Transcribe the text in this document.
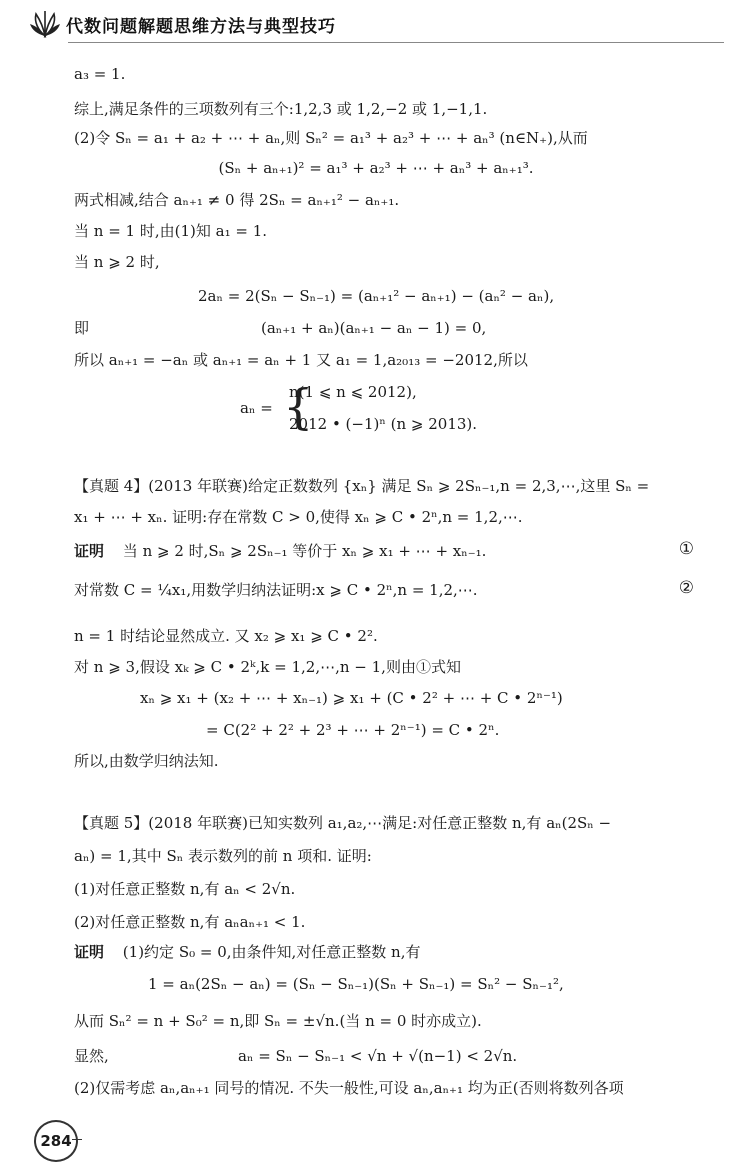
代数问题解题思维方法与典型技巧
a₃ = 1.
综上,满足条件的三项数列有三个:1,2,3 或 1,2,−2 或 1,−1,1.
(2)令 Sₙ = a₁ + a₂ + ⋯ + aₙ,则 Sₙ² = a₁³ + a₂³ + ⋯ + aₙ³ (n∈N₊),从而
(Sₙ + aₙ₊₁)² = a₁³ + a₂³ + ⋯ + aₙ³ + aₙ₊₁³.
两式相减,结合 aₙ₊₁ ≠ 0 得 2Sₙ = aₙ₊₁² − aₙ₊₁.
当 n = 1 时,由(1)知 a₁ = 1.
当 n ⩾ 2 时,
2aₙ = 2(Sₙ − Sₙ₋₁) = (aₙ₊₁² − aₙ₊₁) − (aₙ² − aₙ),
即	(aₙ₊₁ + aₙ)(aₙ₊₁ − aₙ − 1) = 0,
所以 aₙ₊₁ = −aₙ 或 aₙ₊₁ = aₙ + 1 又 a₁ = 1,a₂₀₁₃ = −2012,所以
aₙ = {
n(1 ⩽ n ⩽ 2012),
2012 • (−1)ⁿ (n ⩾ 2013).
【真题 4】(2013 年联赛)给定正数数列 {xₙ} 满足 Sₙ ⩾ 2Sₙ₋₁,n = 2,3,⋯,这里 Sₙ =
x₁ + ⋯ + xₙ. 证明:存在常数 C > 0,使得 xₙ ⩾ C • 2ⁿ,n = 1,2,⋯.
证明 当 n ⩾ 2 时,Sₙ ⩾ 2Sₙ₋₁ 等价于 xₙ ⩾ x₁ + ⋯ + xₙ₋₁.	①
对常数 C = ¼x₁,用数学归纳法证明:x ⩾ C • 2ⁿ,n = 1,2,⋯.	②
n = 1 时结论显然成立. 又 x₂ ⩾ x₁ ⩾ C • 2².
对 n ⩾ 3,假设 xₖ ⩾ C • 2ᵏ,k = 1,2,⋯,n − 1,则由①式知
xₙ ⩾ x₁ + (x₂ + ⋯ + xₙ₋₁) ⩾ x₁ + (C • 2² + ⋯ + C • 2ⁿ⁻¹)
= C(2² + 2² + 2³ + ⋯ + 2ⁿ⁻¹) = C • 2ⁿ.
所以,由数学归纳法知.
【真题 5】(2018 年联赛)已知实数列 a₁,a₂,⋯满足:对任意正整数 n,有 aₙ(2Sₙ −
aₙ) = 1,其中 Sₙ 表示数列的前 n 项和. 证明:
(1)对任意正整数 n,有 aₙ < 2√n.
(2)对任意正整数 n,有 aₙaₙ₊₁ < 1.
证明 (1)约定 S₀ = 0,由条件知,对任意正整数 n,有
1 = aₙ(2Sₙ − aₙ) = (Sₙ − Sₙ₋₁)(Sₙ + Sₙ₋₁) = Sₙ² − Sₙ₋₁²,
从而 Sₙ² = n + S₀² = n,即 Sₙ = ±√n.(当 n = 0 时亦成立).
显然,	aₙ = Sₙ − Sₙ₋₁ < √n + √(n−1) < 2√n.
(2)仅需考虑 aₙ,aₙ₊₁ 同号的情况. 不失一般性,可设 aₙ,aₙ₊₁ 均为正(否则将数列各项
284
